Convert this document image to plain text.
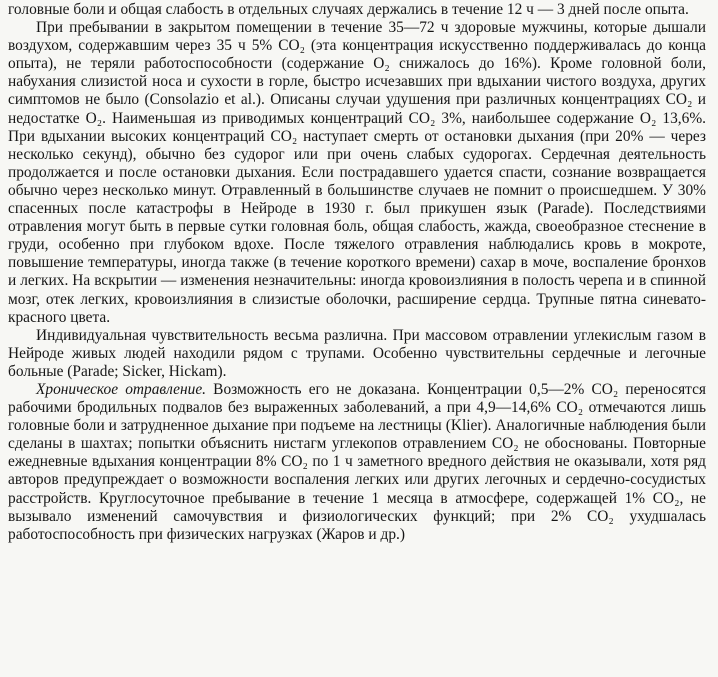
головные боли и общая слабость в отдельных случаях держались в течение 12 ч — 3 дней после опыта.

При пребывании в закрытом помещении в течение 35—72 ч здоровые мужчины, которые дышали воздухом, содержавшим через 35 ч 5% CO₂ (эта концентрация искусственно поддерживалась до конца опыта), не теряли работоспособности (содержание O₂ снижалось до 16%). Кроме головной боли, набухания слизистой носа и сухости в горле, быстро исчезавших при вдыхании чистого воздуха, других симптомов не было (Consolazio et al.). Описаны случаи удушения при различных концентрациях CO₂ и недостатке O₂. Наименьшая из приводимых концентраций CO₂ 3%, наибольшее содержание O₂ 13,6%. При вдыхании высоких концентраций CO₂ наступает смерть от остановки дыхания (при 20% — через несколько секунд), обычно без судорог или при очень слабых судорогах. Сердечная деятельность продолжается и после остановки дыхания. Если пострадавшего удается спасти, сознание возвращается обычно через несколько минут. Отравленный в большинстве случаев не помнит о происшедшем. У 30% спасенных после катастрофы в Нейроде в 1930 г. был прикушен язык (Parade). Последствиями отравления могут быть в первые сутки головная боль, общая слабость, жажда, своеобразное стеснение в груди, особенно при глубоком вдохе. После тяжелого отравления наблюдались кровь в мокроте, повышение температуры, иногда также (в течение короткого времени) сахар в моче, воспаление бронхов и легких. На вскрытии — изменения незначительны: иногда кровоизлияния в полость черепа и в спинной мозг, отек легких, кровоизлияния в слизистые оболочки, расширение сердца. Трупные пятна синевато-красного цвета.

Индивидуальная чувствительность весьма различна. При массовом отравлении углекислым газом в Нейроде живых людей находили рядом с трупами. Особенно чувствительны сердечные и легочные больные (Parade; Sicker, Hickam).

Хроническое отравление. Возможность его не доказана. Концентрации 0,5—2% CO₂ переносятся рабочими бродильных подвалов без выраженных заболеваний, а при 4,9—14,6% CO₂ отмечаются лишь головные боли и затрудненное дыхание при подъеме на лестницы (Klier). Аналогичные наблюдения были сделаны в шахтах; попытки объяснить нистагм углекопов отравлением CO₂ не обоснованы. Повторные ежедневные вдыхания концентрации 8% CO₂ по 1 ч заметного вредного действия не оказывали, хотя ряд авторов предупреждает о возможности воспаления легких или других легочных и сердечно-сосудистых расстройств. Круглосуточное пребывание в течение 1 месяца в атмосфере, содержащей 1% CO₂, не вызывало изменений самочувствия и физиологических функций; при 2% CO₂ ухудшалась работоспособность при физических нагрузках (Жаров и др.)
